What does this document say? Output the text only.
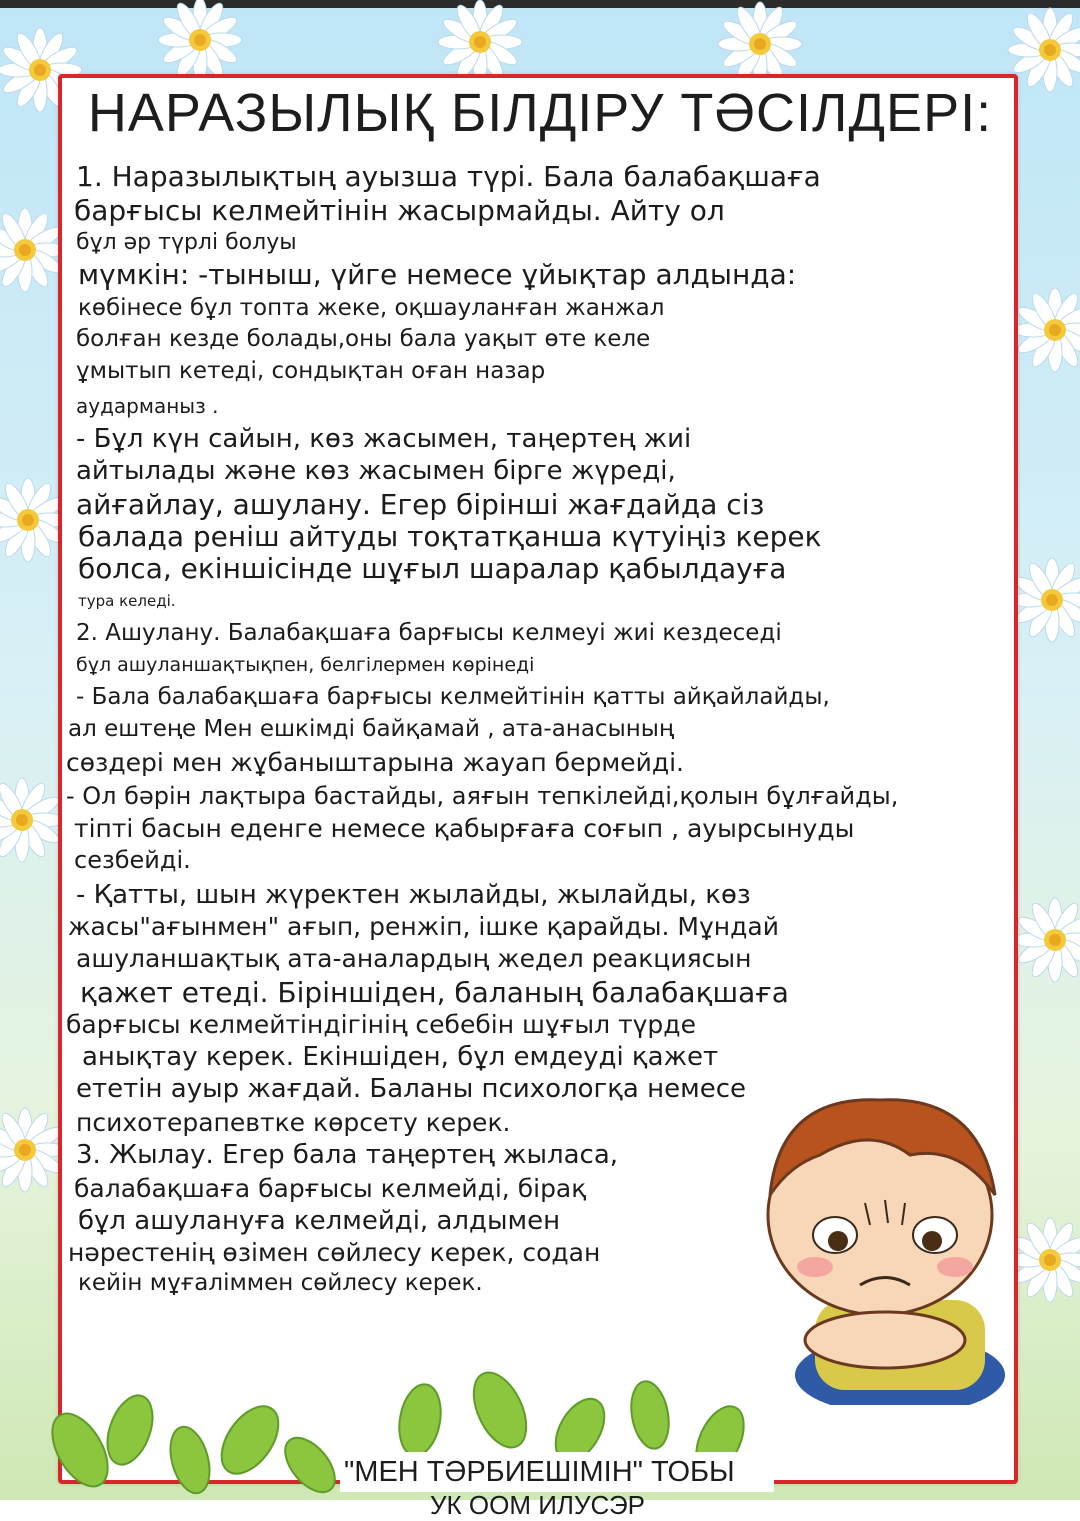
НАРАЗЫЛЫҚ БІЛДІРУ ТӘСІЛДЕРІ:
1. Наразылықтың ауызша түрі. Бала балабақшаға
барғысы келмейтінін жасырмайды. Айту ол
бұл әр түрлі болуы
мүмкін: -тыныш, үйге немесе ұйықтар алдында:
көбінесе бұл топта жеке, оқшауланған жанжал
болған кезде болады,оны бала уақыт өте келе
ұмытып кетеді, сондықтан оған назар
аударманыз .
- Бұл күн сайын, көз жасымен, таңертең жиі
айтылады және көз жасымен бірге жүреді,
айғайлау, ашулану. Егер бірінші жағдайда сіз
балада реніш айтуды тоқтатқанша күтуіңіз керек
болса, екіншісінде шұғыл шаралар қабылдауға
тура келеді.
2. Ашулану. Балабақшаға барғысы келмеуі жиі кездеседі
бұл ашуланшақтықпен, белгілермен көрінеді
- Бала балабақшаға барғысы келмейтінін қатты айқайлайды,
ал ештеңе Мен ешкімді байқамай , ата-анасының
сөздері мен жұбаныштарына жауап бермейді.
- Ол бәрін лақтыра бастайды, аяғын тепкілейді,қолын бұлғайды,
тіпті басын еденге немесе қабырғаға соғып , ауырсынуды
сезбейді.
- Қатты, шын жүректен жылайды, жылайды, көз
жасы"ағынмен" ағып, ренжіп, ішке қарайды. Мұндай
ашуланшақтық ата-аналардың жедел реакциясын
қажет етеді. Біріншіден, баланың балабақшаға
барғысы келмейтіндігінің себебін шұғыл түрде
анықтау керек. Екіншіден, бұл емдеуді қажет
ететін ауыр жағдай. Баланы психологқа немесе
психотерапевтке көрсету керек.
3. Жылау. Егер бала таңертең жыласа,
балабақшаға барғысы келмейді, бірақ
бұл ашулануға келмейді, алдымен
нәрестенің өзімен сөйлесу керек, содан
кейін мұғаліммен сөйлесу керек.
"МЕН ТӘРБИЕШІМІН" ТОБЫ
УК ООМ ИЛУСЭР
